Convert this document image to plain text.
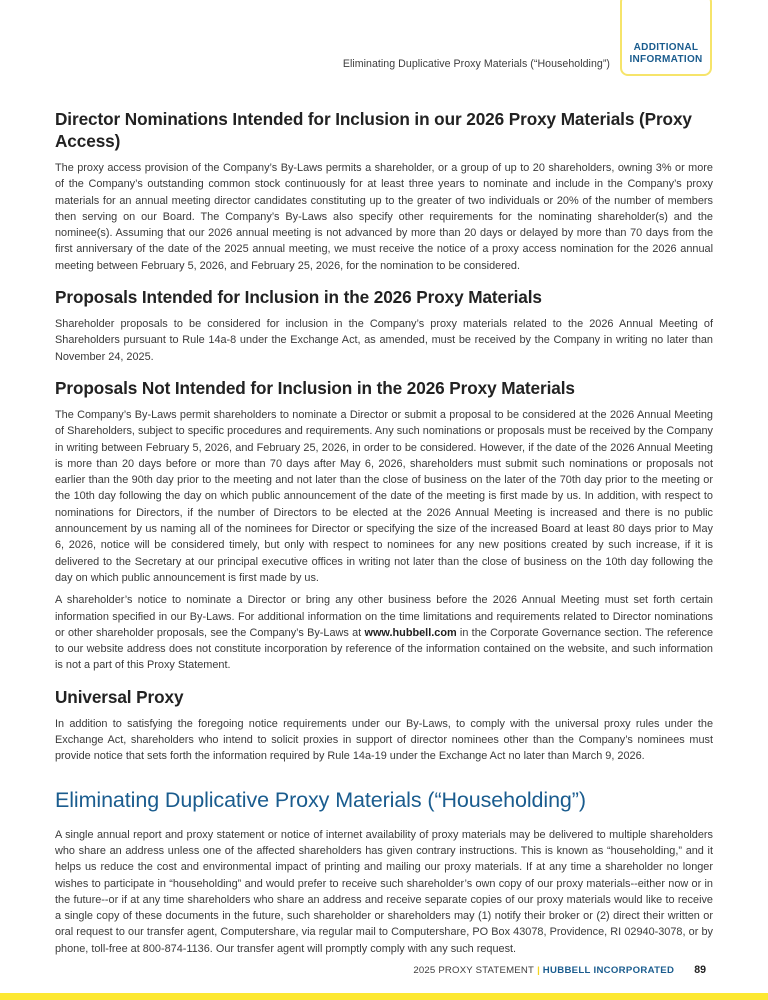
Eliminating Duplicative Proxy Materials (“Householding”)
ADDITIONAL
INFORMATION
Director Nominations Intended for Inclusion in our 2026 Proxy Materials (Proxy Access)

The proxy access provision of the Company’s By-Laws permits a shareholder, or a group of up to 20 shareholders, owning 3% or more of the Company’s outstanding common stock continuously for at least three years to nominate and include in the Company’s proxy materials for an annual meeting director candidates constituting up to the greater of two individuals or 20% of the number of members then serving on our Board. The Company’s By-Laws also specify other requirements for the nominating shareholder(s) and the nominee(s). Assuming that our 2026 annual meeting is not advanced by more than 20 days or delayed by more than 70 days from the first anniversary of the date of the 2025 annual meeting, we must receive the notice of a proxy access nomination for the 2026 annual meeting between February 5, 2026, and February 25, 2026, for the nomination to be considered.

Proposals Intended for Inclusion in the 2026 Proxy Materials

Shareholder proposals to be considered for inclusion in the Company’s proxy materials related to the 2026 Annual Meeting of Shareholders pursuant to Rule 14a-8 under the Exchange Act, as amended, must be received by the Company in writing no later than November 24, 2025.

Proposals Not Intended for Inclusion in the 2026 Proxy Materials

The Company’s By-Laws permit shareholders to nominate a Director or submit a proposal to be considered at the 2026 Annual Meeting of Shareholders, subject to specific procedures and requirements. Any such nominations or proposals must be received by the Company in writing between February 5, 2026, and February 25, 2026, in order to be considered. However, if the date of the 2026 Annual Meeting is more than 20 days before or more than 70 days after May 6, 2026, shareholders must submit such nominations or proposals not earlier than the 90th day prior to the meeting and not later than the close of business on the later of the 70th day prior to the meeting or the 10th day following the day on which public announcement of the date of the meeting is first made by us. In addition, with respect to nominations for Directors, if the number of Directors to be elected at the 2026 Annual Meeting is increased and there is no public announcement by us naming all of the nominees for Director or specifying the size of the increased Board at least 80 days prior to May 6, 2026, notice will be considered timely, but only with respect to nominees for any new positions created by such increase, if it is delivered to the Secretary at our principal executive offices in writing not later than the close of business on the 10th day following the day on which public announcement is first made by us.

A shareholder’s notice to nominate a Director or bring any other business before the 2026 Annual Meeting must set forth certain information specified in our By-Laws. For additional information on the time limitations and requirements related to Director nominations or other shareholder proposals, see the Company’s By-Laws at www.hubbell.com in the Corporate Governance section. The reference to our website address does not constitute incorporation by reference of the information contained on the website, and such information is not a part of this Proxy Statement.

Universal Proxy

In addition to satisfying the foregoing notice requirements under our By-Laws, to comply with the universal proxy rules under the Exchange Act, shareholders who intend to solicit proxies in support of director nominees other than the Company’s nominees must provide notice that sets forth the information required by Rule 14a-19 under the Exchange Act no later than March 9, 2026.

Eliminating Duplicative Proxy Materials (“Householding”)

A single annual report and proxy statement or notice of internet availability of proxy materials may be delivered to multiple shareholders who share an address unless one of the affected shareholders has given contrary instructions. This is known as “householding,” and it helps us reduce the cost and environmental impact of printing and mailing our proxy materials. If at any time a shareholder no longer wishes to participate in “householding” and would prefer to receive such shareholder’s own copy of our proxy materials--either now or in the future--or if at any time shareholders who share an address and receive separate copies of our proxy materials would like to receive a single copy of these documents in the future, such shareholder or shareholders may (1) notify their broker or (2) direct their written or oral request to our transfer agent, Computershare, via regular mail to Computershare, PO Box 43078, Providence, RI 02940-3078, or by phone, toll-free at 800-874-1136. Our transfer agent will promptly comply with any such request.

2025 PROXY STATEMENT | HUBBELL INCORPORATED 89
